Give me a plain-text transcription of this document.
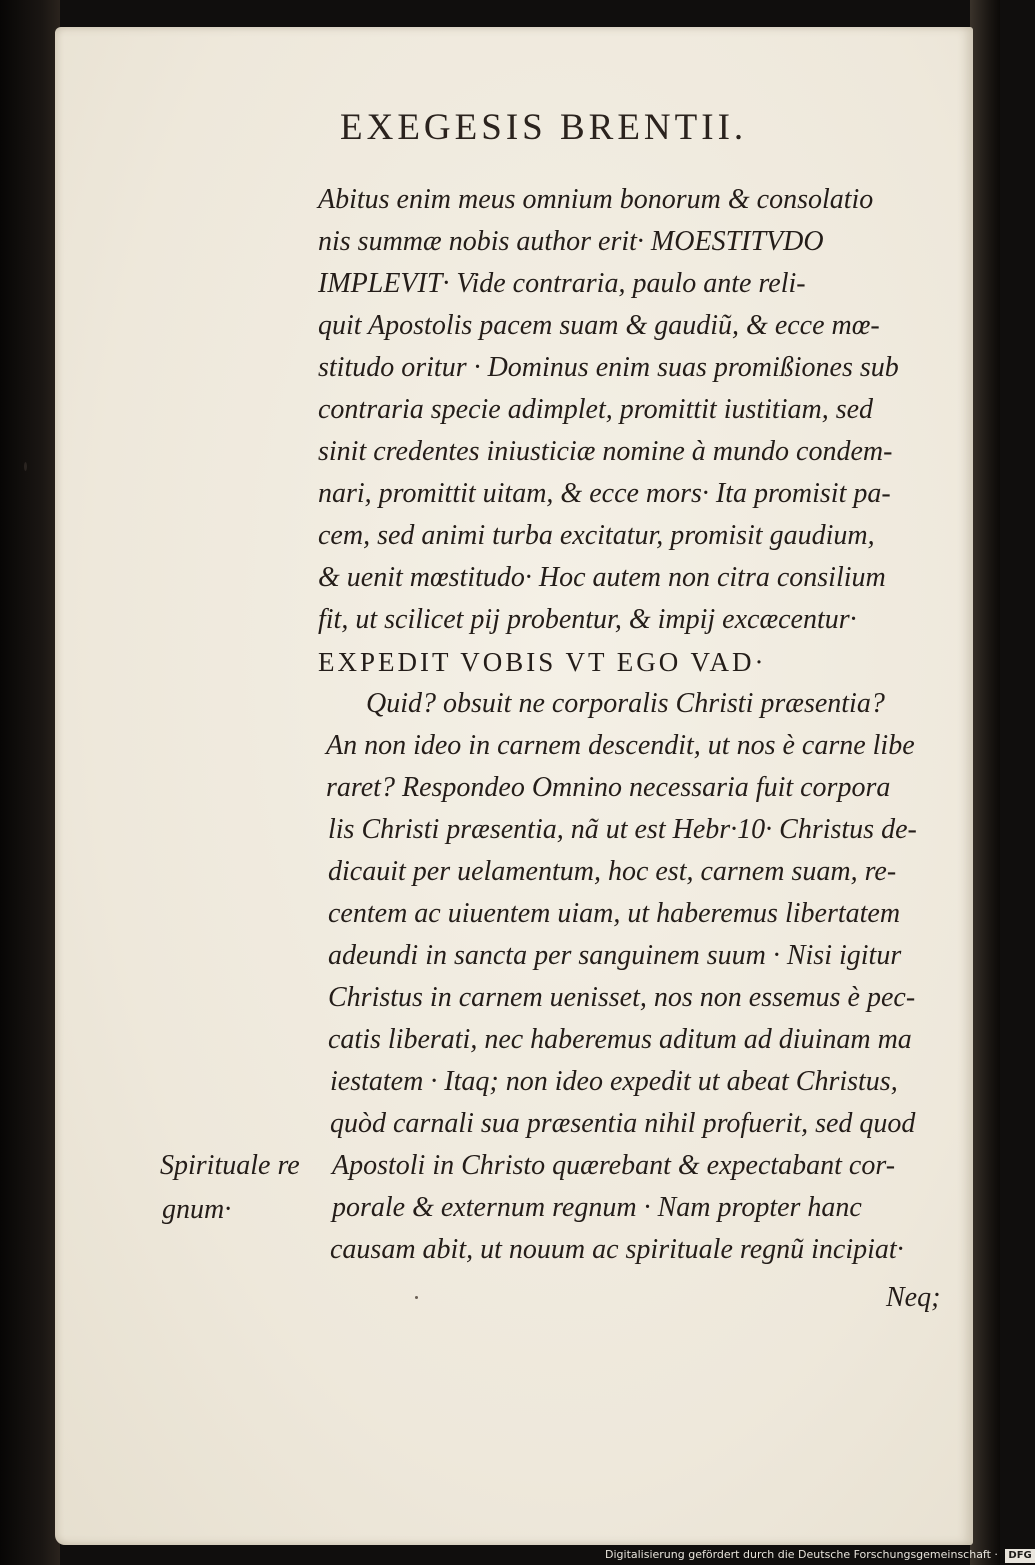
EXEGESIS BRENTII.
Abitus enim meus omnium bonorum & consolatio
nis summæ nobis author erit· MOESTITVDO
IMPLEVIT· Vide contraria, paulo ante reli-
quit Apostolis pacem suam & gaudiũ, & ecce mœ-
stitudo oritur · Dominus enim suas promißiones sub
contraria specie adimplet, promittit iustitiam, sed
sinit credentes iniusticiæ nomine à mundo condem-
nari, promittit uitam, & ecce mors· Ita promisit pa-
cem, sed animi turba excitatur, promisit gaudium,
& uenit mœstitudo· Hoc autem non citra consilium
fit, ut scilicet pij probentur, & impij excæcentur·
EXPEDIT VOBIS VT EGO VAD·
Quid? obsuit ne corporalis Christi præsentia?
An non ideo in carnem descendit, ut nos è carne libe
raret? Respondeo Omnino necessaria fuit corpora
lis Christi præsentia, nã ut est Hebr·10· Christus de-
dicauit per uelamentum, hoc est, carnem suam, re-
centem ac uiuentem uiam, ut haberemus libertatem
adeundi in sancta per sanguinem suum · Nisi igitur
Christus in carnem uenisset, nos non essemus è pec-
catis liberati, nec haberemus aditum ad diuinam ma
iestatem · Itaq; non ideo expedit ut abeat Christus,
quòd carnali sua præsentia nihil profuerit, sed quod
Apostoli in Christo quærebant & expectabant cor-
porale & externum regnum · Nam propter hanc
causam abit, ut nouum ac spirituale regnũ incipiat·
Spirituale re
gnum·
Neq;
Digitalisierung gefördert durch die Deutsche Forschungsgemeinschaft · DFG
